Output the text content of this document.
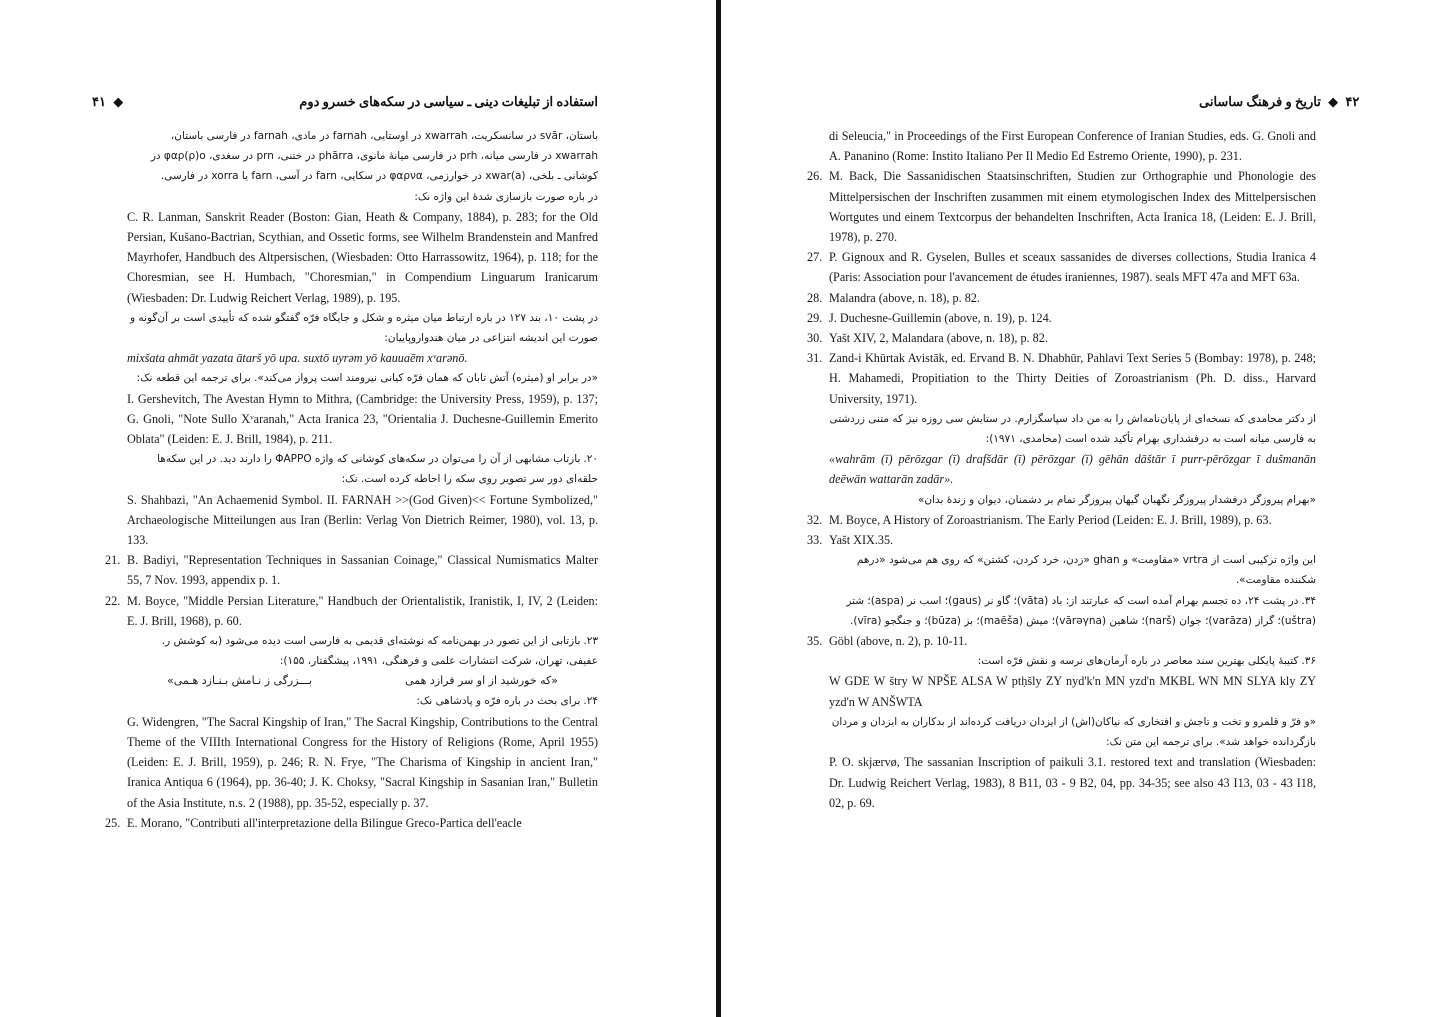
استفاده از تبلیغات دینی ـ سیاسی در سکه‌های خسرو دوم
◆ ۴۱

باستان، svār در سانسکریت، xwarrah در اوستایی، farnah در مادی، farnah در فارسی باستان،

xwarrah در فارسی میانه، prh در فارسی میانهٔ مانوی، phārra در ختنی، prn در سغدی، φαρ(ρ)o در

کوشانی ـ بلخی، xwar(a) در خوارزمی، φαρνα در سکایی، farn در آسی، farn یا xorra در فارسی.

در باره صورت بازسازی شدهٔ این واژه نک:

C. R. Lanman, Sanskrit Reader (Boston: Gian, Heath & Company, 1884), p. 283; for the Old Persian, Kušano-Bactrian, Scythian, and Ossetic forms, see Wilhelm Brandenstein and Manfred Mayrhofer, Handbuch des Altpersischen, (Wiesbaden: Otto Harrassowitz, 1964), p. 118; for the Choresmian, see H. Humbach, "Choresmian," in Compendium Linguarum Iranicarum (Wiesbaden: Dr. Ludwig Reichert Verlag, 1989), p. 195.

در پشت ۱۰، بند ۱۲۷ در باره ارتباط میان میثره و شکل و جایگاه فرّه گفتگو شده که تأییدی است بر آن‌گونه و صورت این اندیشه انتزاعی در میان هندواروپاییان:

mixšata ahmāt yazata ātarš yō upa. suxtō uyrəm yō kauuaēm xᵛarənō.

«در برابر او (میثره) آتش تابان که همان فرّه کیانی نیرومند است پرواز می‌کند». برای ترجمه این قطعه نک:

I. Gershevitch, The Avestan Hymn to Mithra, (Cambridge: the University Press, 1959), p. 137; G. Gnoli, "Note Sullo Xᵛaranah," Acta Iranica 23, "Orientalia J. Duchesne-Guillemin Emerito Oblata" (Leiden: E. J. Brill, 1984), p. 211.

۲۰.بازتاب مشابهی از آن را می‌توان در سکه‌های کوشانی که واژه ΦΑΡΡΟ را دارند دید. در این سکه‌ها حلقه‌ای دور سر تصویر روی سکه را احاطه کرده است. نک:

S. Shahbazi, "An Achaemenid Symbol. II. FARNAH >>(God Given)<< Fortune Symbolized," Archaeologische Mitteilungen aus Iran (Berlin: Verlag Von Dietrich Reimer, 1980), vol. 13, p. 133.

21. B. Badiyi, "Representation Techniques in Sassanian Coinage," Classical Numismatics Malter 55, 7 Nov. 1993, appendix p. 1.

22. M. Boyce, "Middle Persian Literature," Handbuch der Orientalistik, Iranistik, I, IV, 2 (Leiden: E. J. Brill, 1968), p. 60.

۲۳.بازتابی از این تصور در بهمن‌نامه که نوشته‌ای قدیمی به فارسی است دیده می‌شود (به کوشش ر. عفیفی، تهران، شرکت انتشارات علمی و فرهنگی، ۱۹۹۱، پیشگفتار، ۱۵۵):

«که خورشید از او سر فرازد همی
بـــزرگی ز نـامش بـنـازد هـمی»

۲۴.برای بحث در باره فرّه و پادشاهی نک:

G. Widengren, "The Sacral Kingship of Iran," The Sacral Kingship, Contributions to the Central Theme of the VIIIth International Congress for the History of Religions (Rome, April 1955) (Leiden: E. J. Brill, 1959), p. 246; R. N. Frye, "The Charisma of Kingship in ancient Iran," Iranica Antiqua 6 (1964), pp. 36-40; J. K. Choksy, "Sacral Kingship in Sasanian Iran," Bulletin of the Asia Institute, n.s. 2 (1988), pp. 35-52, especially p. 37.

25. E. Morano, "Contributi all'interpretazione della Bilingue Greco-Partica dell'eacle

۴۲ ◆ تاریخ و فرهنگ ساسانی

di Seleucia," in Proceedings of the First European Conference of Iranian Studies, eds. G. Gnoli and A. Pananino (Rome: Instito Italiano Per Il Medio Ed Estremo Oriente, 1990), p. 231.

26. M. Back, Die Sassanidischen Staatsinschriften, Studien zur Orthographie und Phonologie des Mittelpersischen der Inschriften zusammen mit einem etymologischen Index des Mittelpersischen Wortgutes und einem Textcorpus der behandelten Inschriften, Acta Iranica 18, (Leiden: E. J. Brill, 1978), p. 270.

27. P. Gignoux and R. Gyselen, Bulles et sceaux sassanides de diverses collections, Studia Iranica 4 (Paris: Association pour l'avancement de études iraniennes, 1987). seals MFT 47a and MFT 63a.

28. Malandra (above, n. 18), p. 82.

29. J. Duchesne-Guillemin (above, n. 19), p. 124.

30. Yašt XIV, 2, Malandara (above, n. 18), p. 82.

31. Zand-i Khūrtak Avistāk, ed. Ervand B. N. Dhabhūr, Pahlavi Text Series 5 (Bombay: 1978), p. 248; H. Mahamedi, Propitiation to the Thirty Deities of Zoroastrianism (Ph. D. diss., Harvard University, 1971).

از دکتر محامدی که نسخه‌ای از پایان‌نامه‌اش را به من داد سپاسگزارم. در ستایش سی روزه نیز که متنی زردشتی به فارسی میانه است به درفشداری بهرام تأکید شده است (محامدی، ۱۹۷۱):

«wahrām (ī) pērōzgar (ī) drafšdār (ī) pērōzgar (ī) gēhān dāštār ī purr-pērōzgar ī dušmanān deēwān wattarān zadār».

«بهرام پیروزگر درفشدار پیروزگر نگهبان گیهان پیروزگر تمام بر دشمنان، دیوان و زندهٔ بدان»

32. M. Boyce, A History of Zoroastrianism. The Early Period (Leiden: E. J. Brill, 1989), p. 63.

33. Yašt XIX.35.

این واژه ترکیبی است از vrtra «مقاومت» و ghan «زدن، خرد کردن، کشتن» که روی هم می‌شود «درهم شکننده مقاومت».

۳۴.در پشت ۲۴، ده تجسم بهرام آمده است که عبارتند از: باد (vāta)؛ گاو نر (gaus)؛ اسب نر (aspa)؛ شتر (uštra)؛ گراز (varāza)؛ جوان (narš)؛ شاهین (vārəγna)؛ میش (maēša)؛ بز (būza)؛ و جنگجو (vīra).

35. Göbl (above, n. 2), p. 10-11.

۳۶.کتیبهٔ پایکلی بهترین سند معاصر در باره آرمان‌های نرسه و نقش فرّه است:

W GDE W štry W NPŠE ALSA W ptḥšly ZY nyd'k'n MN yzd'n MKBL WN MN SLYA kly ZY yzd'n W ANŠWTA

«و فرّ و قلمرو و تخت و تاجش و افتخاری که نیاکان(اش) از ایزدان دریافت کرده‌اند از بدکاران به ایزدان و مردان بازگردانده خواهد شد». برای ترجمه این متن نک:

P. O. skjærvø, The sassanian Inscription of paikuli 3.1. restored text and translation (Wiesbaden: Dr. Ludwig Reichert Verlag, 1983), 8 B11, 03 - 9 B2, 04, pp. 34-35; see also 43 I13, 03 - 43 I18, 02, p. 69.
